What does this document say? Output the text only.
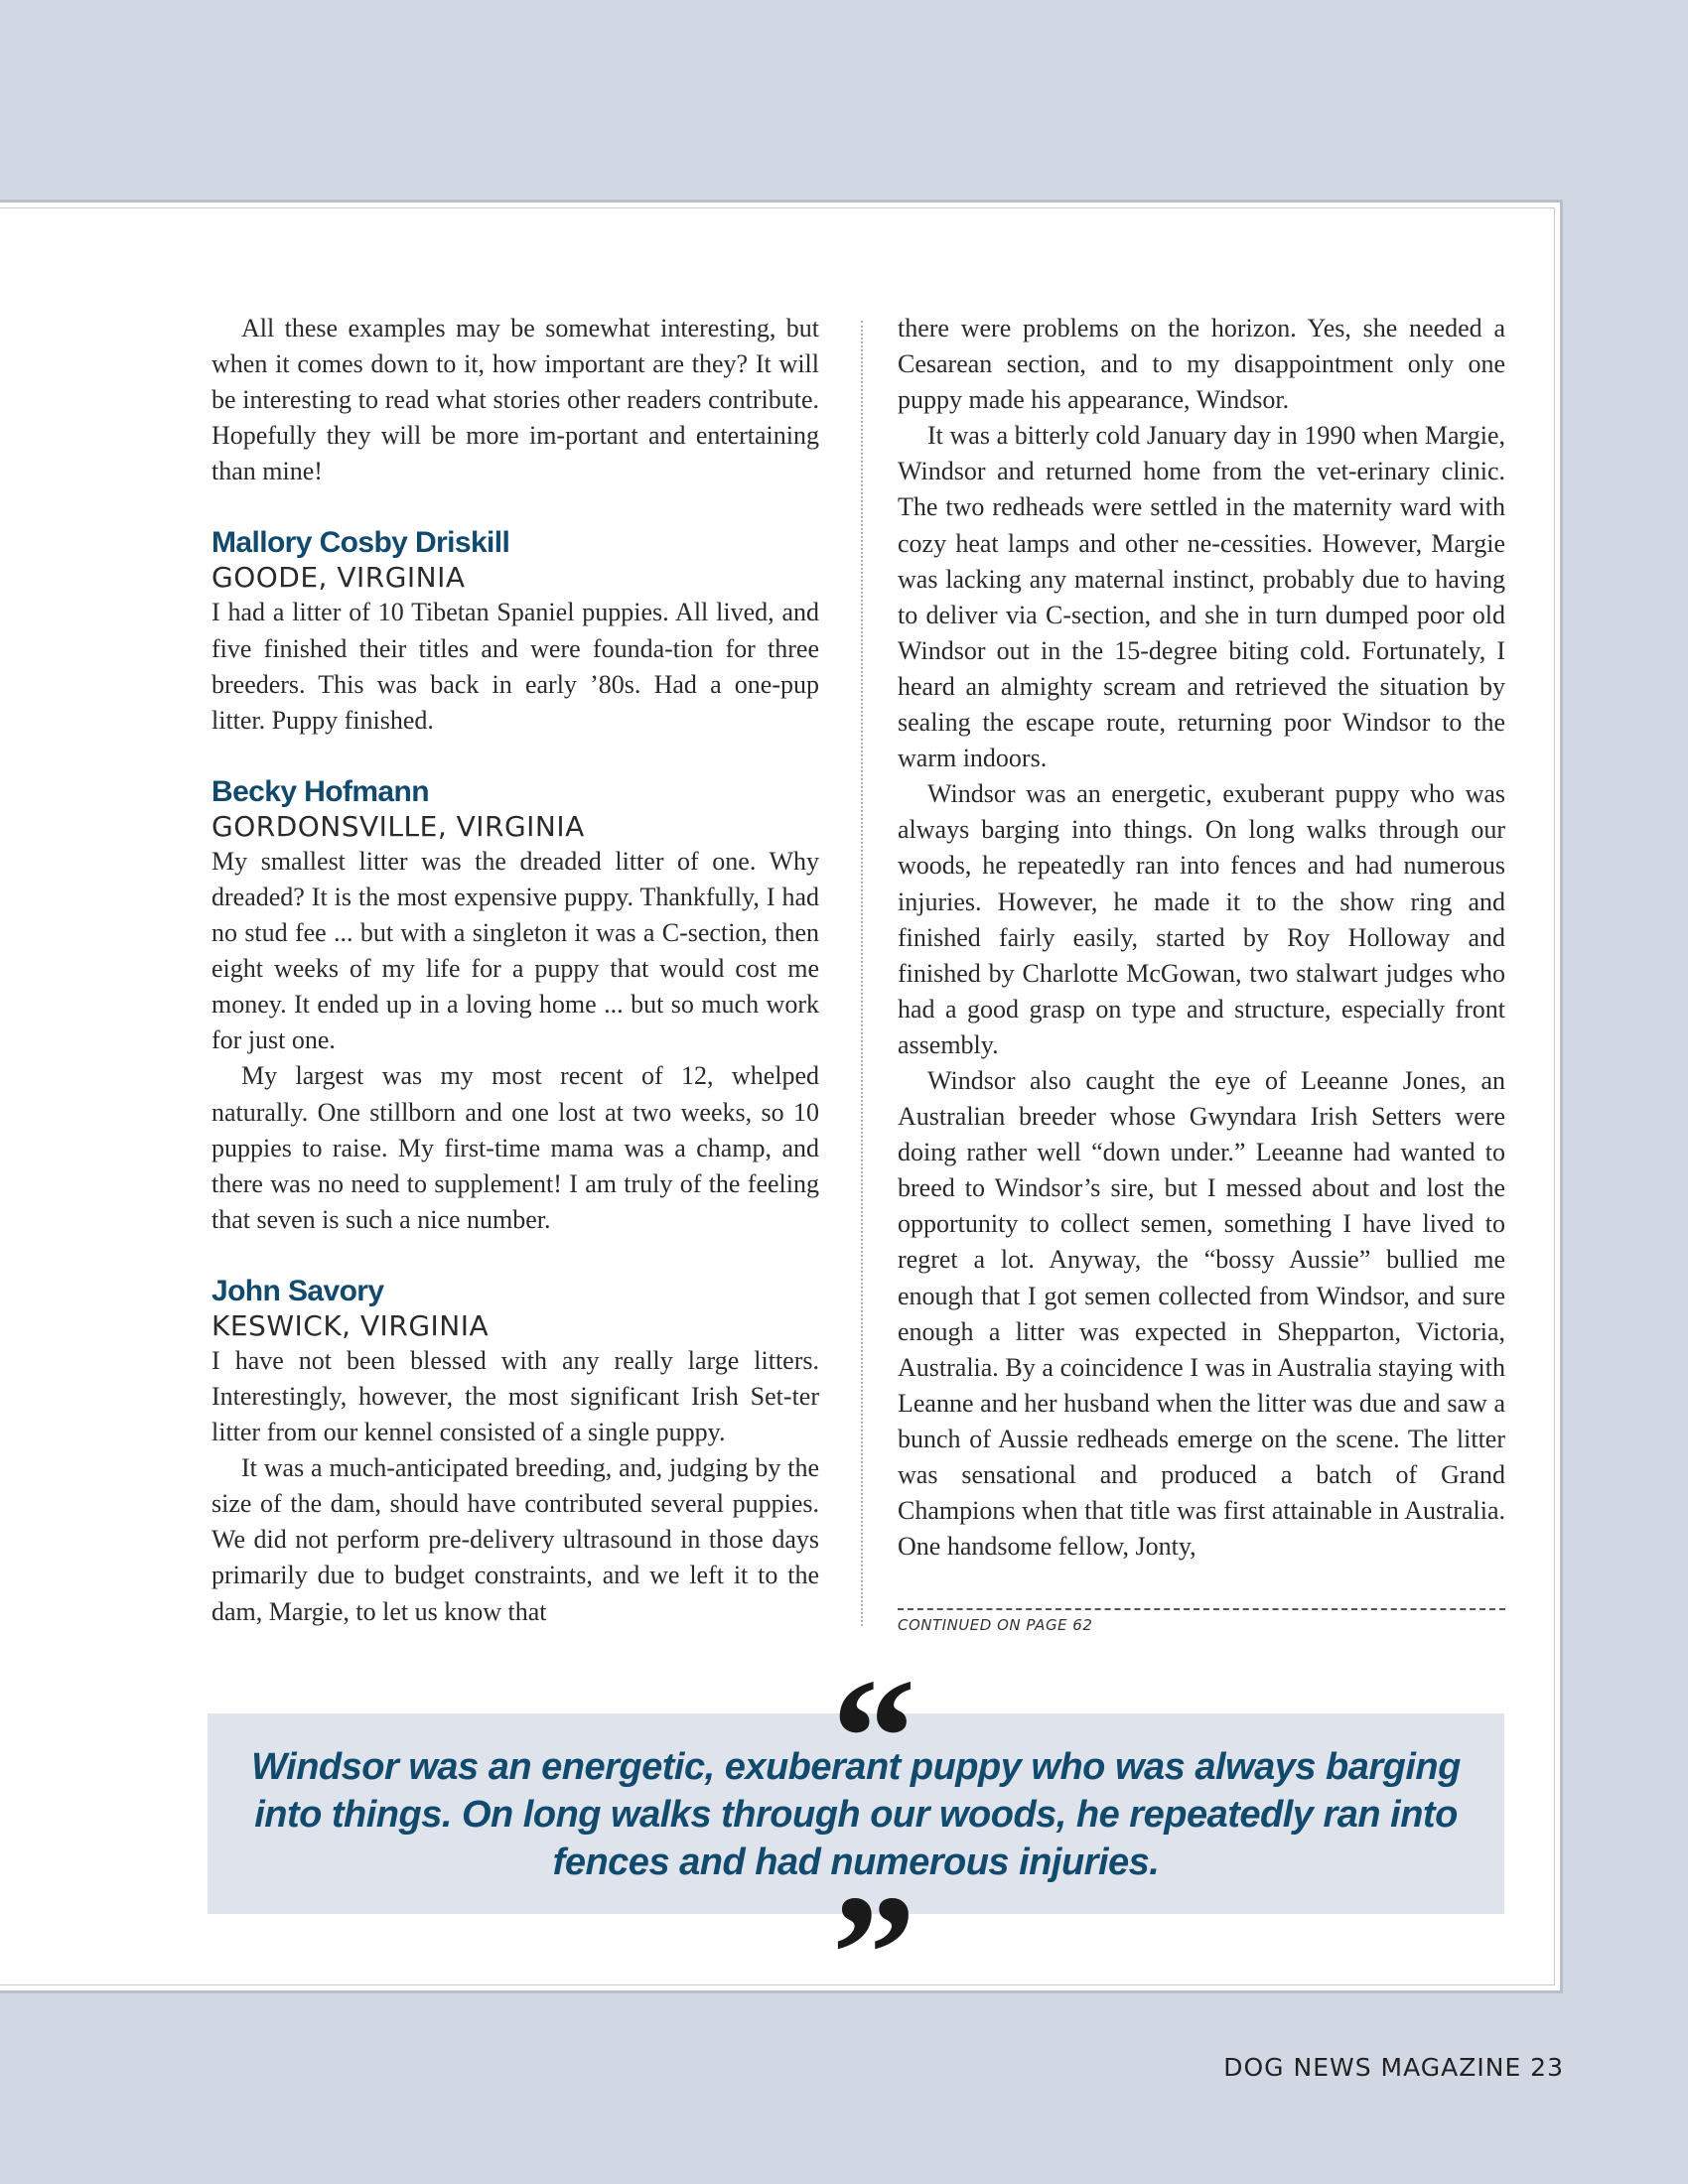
All these examples may be somewhat interesting, but when it comes down to it, how important are they? It will be interesting to read what stories other readers contribute. Hopefully they will be more im-portant and entertaining than mine!

Mallory Cosby Driskill
GOODE, VIRGINIA

I had a litter of 10 Tibetan Spaniel puppies. All lived, and five finished their titles and were founda-tion for three breeders. This was back in early ’80s. Had a one-pup litter. Puppy finished.

Becky Hofmann
GORDONSVILLE, VIRGINIA

My smallest litter was the dreaded litter of one. Why dreaded? It is the most expensive puppy. Thankfully, I had no stud fee ... but with a singleton it was a C-section, then eight weeks of my life for a puppy that would cost me money. It ended up in a loving home ... but so much work for just one.

My largest was my most recent of 12, whelped naturally. One stillborn and one lost at two weeks, so 10 puppies to raise. My first-time mama was a champ, and there was no need to supplement! I am truly of the feeling that seven is such a nice number.

John Savory
KESWICK, VIRGINIA

I have not been blessed with any really large litters. Interestingly, however, the most significant Irish Set-ter litter from our kennel consisted of a single puppy.

It was a much-anticipated breeding, and, judging by the size of the dam, should have contributed several puppies. We did not perform pre-delivery ultrasound in those days primarily due to budget constraints, and we left it to the dam, Margie, to let us know that

there were problems on the horizon. Yes, she needed a Cesarean section, and to my disappointment only one puppy made his appearance, Windsor.

It was a bitterly cold January day in 1990 when Margie, Windsor and returned home from the vet-erinary clinic. The two redheads were settled in the maternity ward with cozy heat lamps and other ne-cessities. However, Margie was lacking any maternal instinct, probably due to having to deliver via C-section, and she in turn dumped poor old Windsor out in the 15-degree biting cold. Fortunately, I heard an almighty scream and retrieved the situation by sealing the escape route, returning poor Windsor to the warm indoors.

Windsor was an energetic, exuberant puppy who was always barging into things. On long walks through our woods, he repeatedly ran into fences and had numerous injuries. However, he made it to the show ring and finished fairly easily, started by Roy Holloway and finished by Charlotte McGowan, two stalwart judges who had a good grasp on type and structure, especially front assembly.

Windsor also caught the eye of Leeanne Jones, an Australian breeder whose Gwyndara Irish Setters were doing rather well “down under.” Leeanne had wanted to breed to Windsor’s sire, but I messed about and lost the opportunity to collect semen, something I have lived to regret a lot. Anyway, the “bossy Aussie” bullied me enough that I got semen collected from Windsor, and sure enough a litter was expected in Shepparton, Victoria, Australia. By a coincidence I was in Australia staying with Leanne and her husband when the litter was due and saw a bunch of Aussie redheads emerge on the scene. The litter was sensational and produced a batch of Grand Champions when that title was first attainable in Australia. One handsome fellow, Jonty,

CONTINUED ON PAGE 62
Windsor was an energetic, exuberant puppy who was always barging into things. On long walks through our woods, he repeatedly ran into fences and had numerous injuries.
“
”
DOG NEWS MAGAZINE 23
